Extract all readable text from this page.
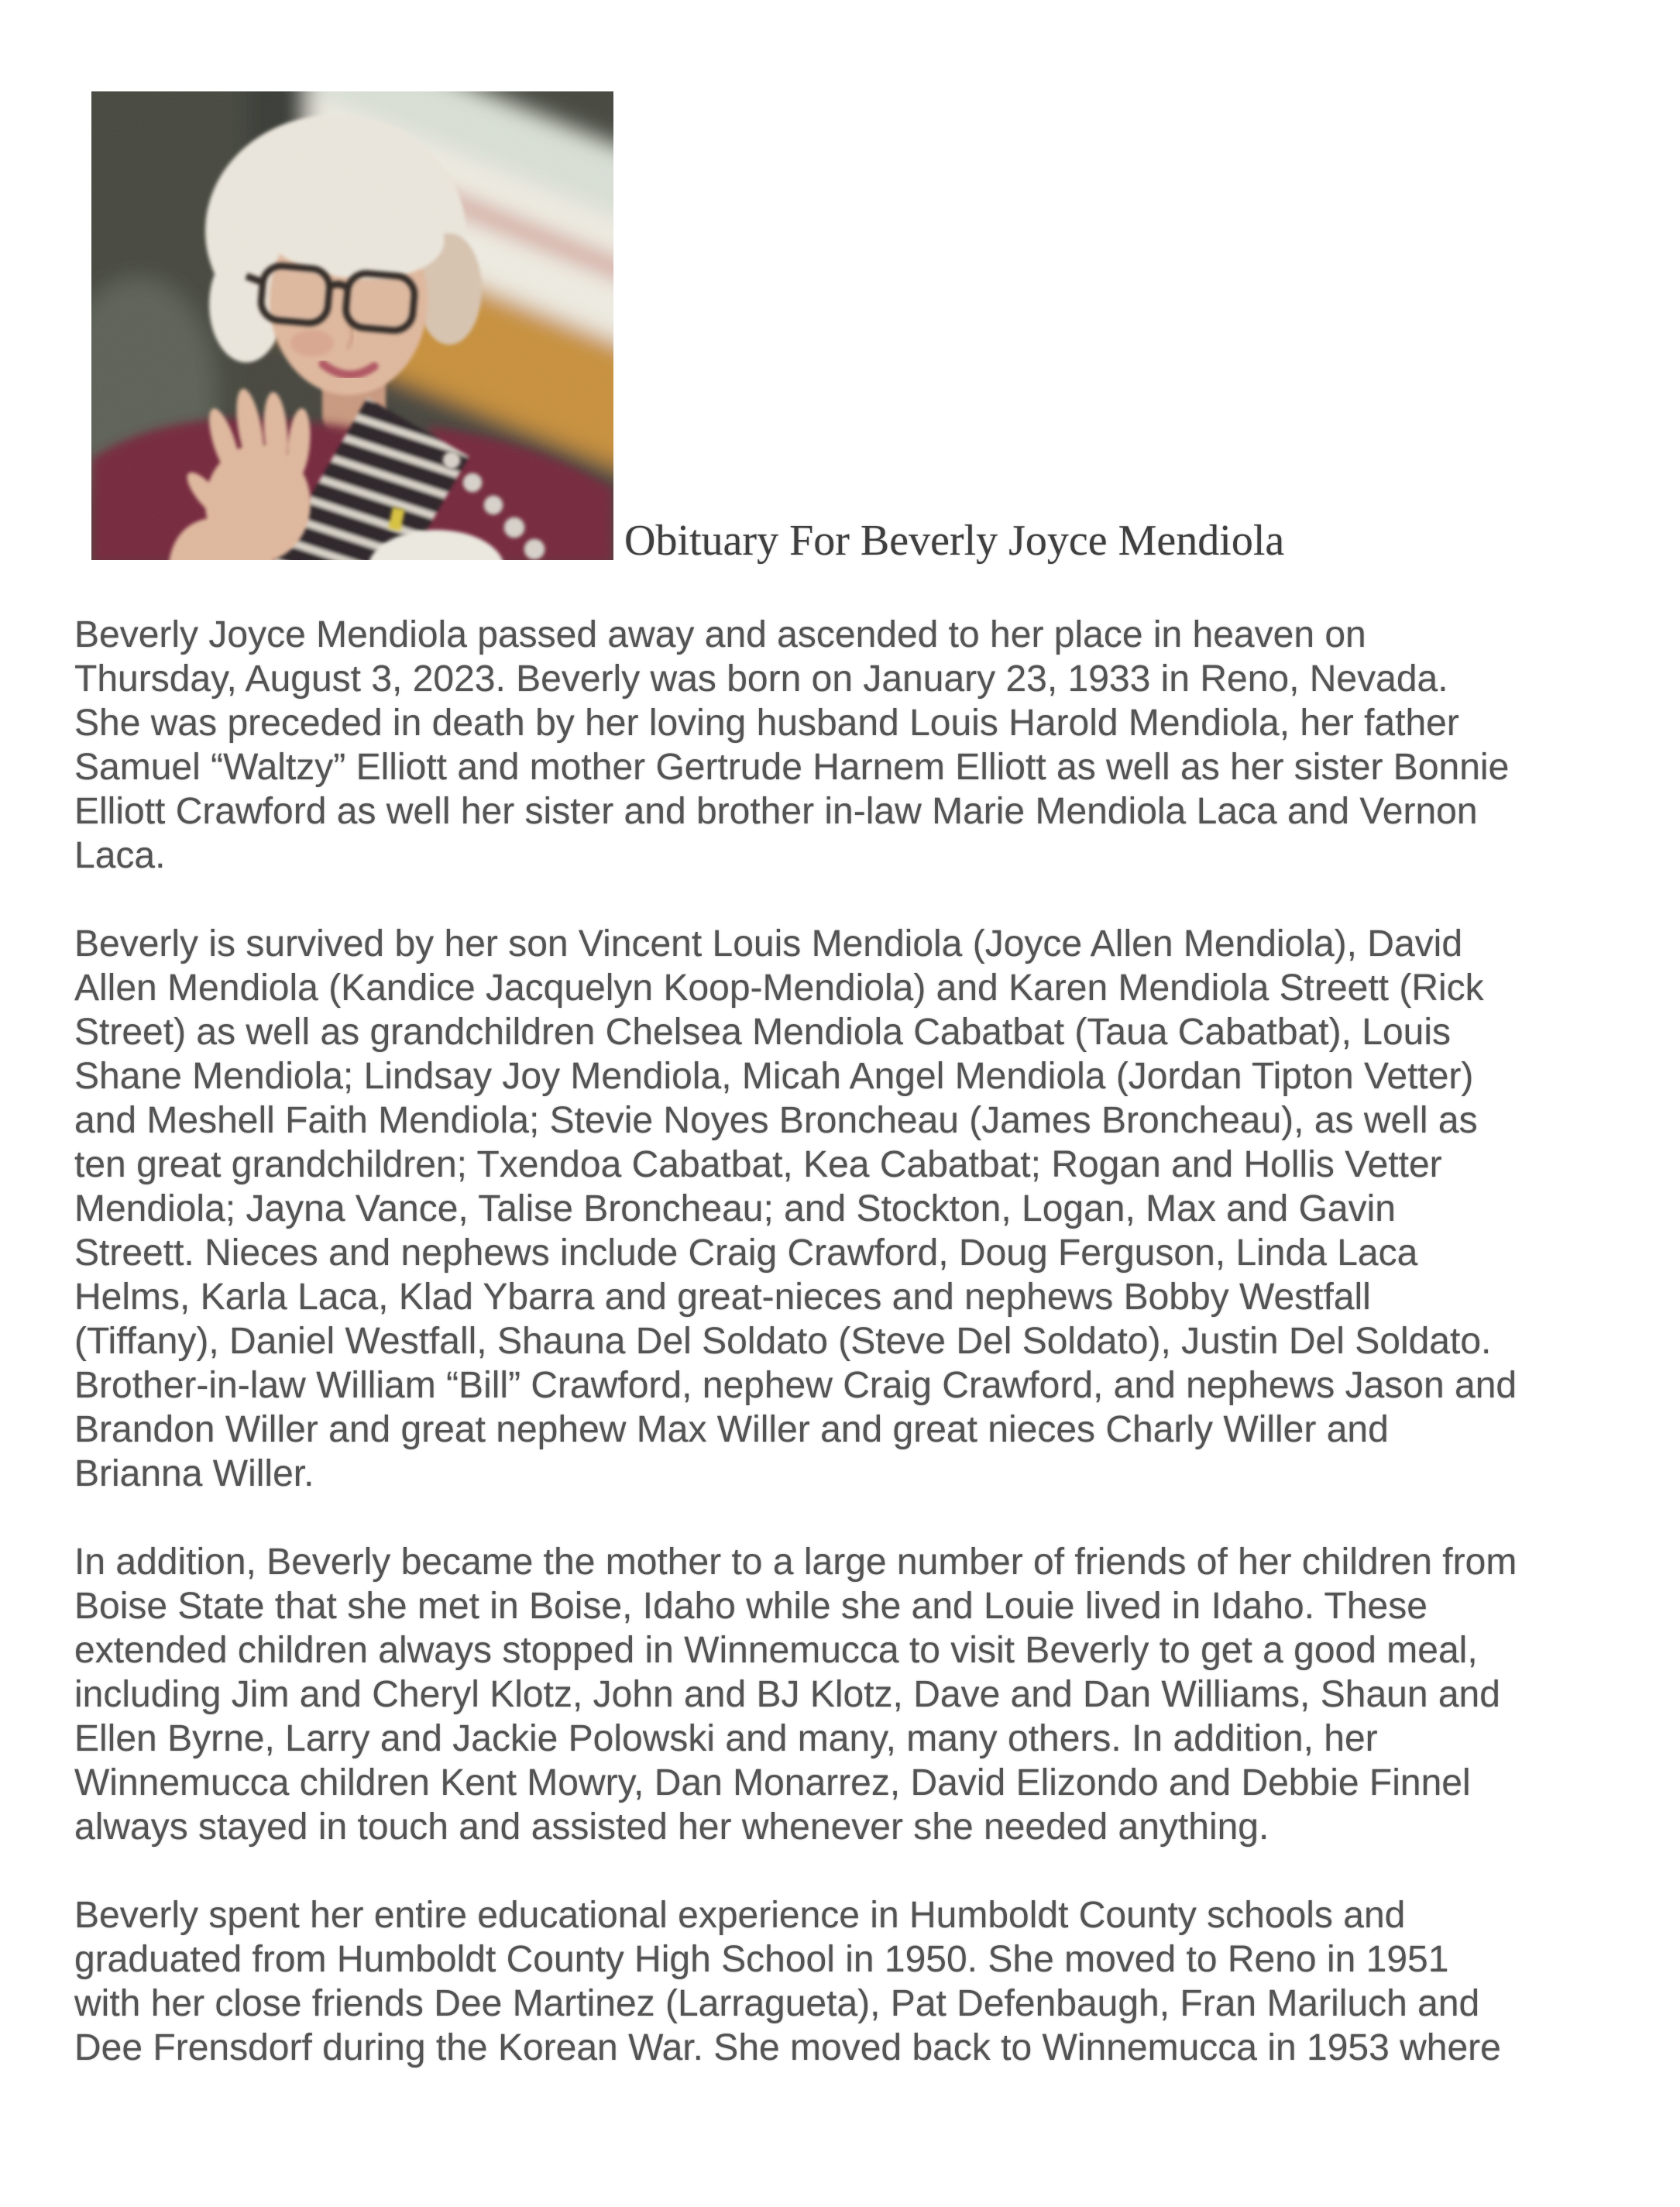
Obituary For Beverly Joyce Mendiola
Beverly Joyce Mendiola passed away and ascended to her place in heaven on
Thursday, August 3, 2023. Beverly was born on January 23, 1933 in Reno, Nevada.
She was preceded in death by her loving husband Louis Harold Mendiola, her father
Samuel “Waltzy” Elliott and mother Gertrude Harnem Elliott as well as her sister Bonnie
Elliott Crawford as well her sister and brother in-law Marie Mendiola Laca and Vernon
Laca.
Beverly is survived by her son Vincent Louis Mendiola (Joyce Allen Mendiola), David
Allen Mendiola (Kandice Jacquelyn Koop-Mendiola) and Karen Mendiola Streett (Rick
Street) as well as grandchildren Chelsea Mendiola Cabatbat (Taua Cabatbat), Louis
Shane Mendiola; Lindsay Joy Mendiola, Micah Angel Mendiola (Jordan Tipton Vetter)
and Meshell Faith Mendiola; Stevie Noyes Broncheau (James Broncheau), as well as
ten great grandchildren; Txendoa Cabatbat, Kea Cabatbat; Rogan and Hollis Vetter
Mendiola; Jayna Vance, Talise Broncheau; and Stockton, Logan, Max and Gavin
Streett. Nieces and nephews include Craig Crawford, Doug Ferguson, Linda Laca
Helms, Karla Laca, Klad Ybarra and great-nieces and nephews Bobby Westfall
(Tiffany), Daniel Westfall, Shauna Del Soldato (Steve Del Soldato), Justin Del Soldato.
Brother-in-law William “Bill” Crawford, nephew Craig Crawford, and nephews Jason and
Brandon Willer and great nephew Max Willer and great nieces Charly Willer and
Brianna Willer.
In addition, Beverly became the mother to a large number of friends of her children from
Boise State that she met in Boise, Idaho while she and Louie lived in Idaho. These
extended children always stopped in Winnemucca to visit Beverly to get a good meal,
including Jim and Cheryl Klotz, John and BJ Klotz, Dave and Dan Williams, Shaun and
Ellen Byrne, Larry and Jackie Polowski and many, many others. In addition, her
Winnemucca children Kent Mowry, Dan Monarrez, David Elizondo and Debbie Finnel
always stayed in touch and assisted her whenever she needed anything.
Beverly spent her entire educational experience in Humboldt County schools and
graduated from Humboldt County High School in 1950. She moved to Reno in 1951
with her close friends Dee Martinez (Larragueta), Pat Defenbaugh, Fran Mariluch and
Dee Frensdorf during the Korean War. She moved back to Winnemucca in 1953 where
